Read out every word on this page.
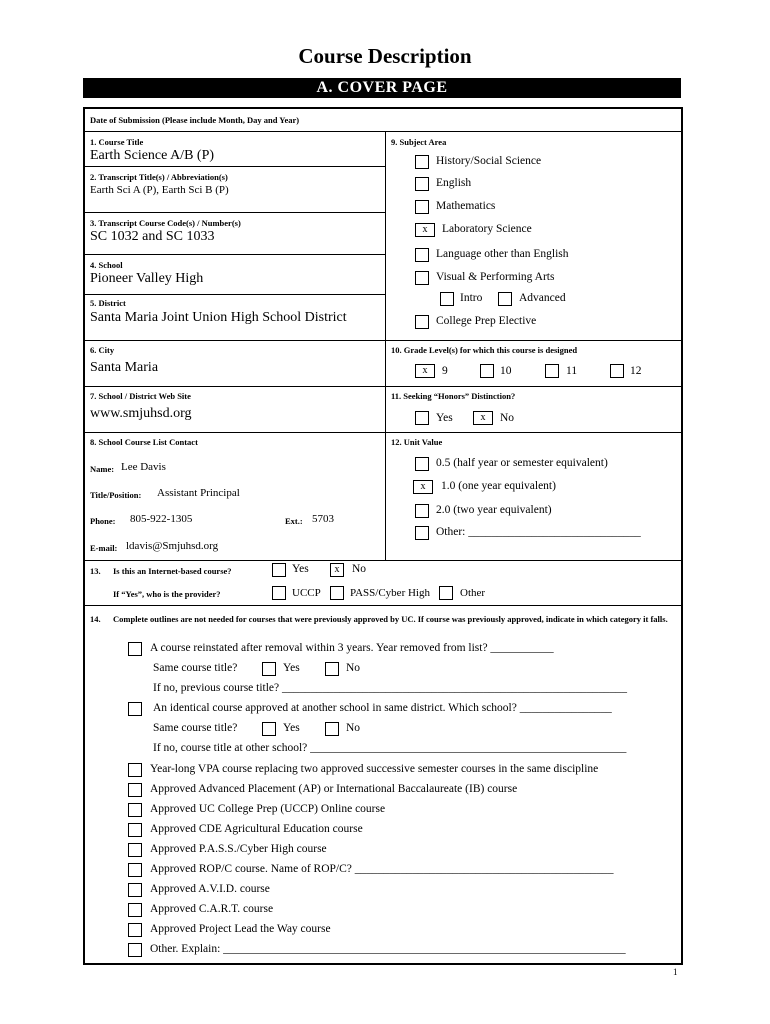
Course Description
A. COVER PAGE
Date of Submission (Please include Month, Day and Year)
1. Course Title
Earth Science A/B (P)
2. Transcript Title(s) / Abbreviation(s)
Earth Sci A (P), Earth Sci B (P)
3. Transcript Course Code(s) / Number(s)
SC 1032 and SC 1033
4. School
Pioneer Valley High
5. District
Santa Maria Joint Union High School District
6. City
Santa Maria
7. School / District Web Site
www.smjuhsd.org
8. School Course List Contact
Name: Lee Davis
Title/Position: Assistant Principal
Phone: 805-922-1305	Ext.: 5703
E-mail: ldavis@Smjuhsd.org
9. Subject Area
History/Social Science
English
Mathematics
x	Laboratory Science
Language other than English
Visual & Performing Arts
Intro	Advanced
College Prep Elective
10. Grade Level(s) for which this course is designed
x	9	10	11	12
11. Seeking “Honors” Distinction?
Yes	x	No
12. Unit Value
0.5 (half year or semester equivalent)
x	1.0 (one year equivalent)
2.0 (two year equivalent)
Other: ______________________________
13. Is this an Internet-based course?	Yes	x	No
If “Yes”, who is the provider?	UCCP	PASS/Cyber High	Other
14. Complete outlines are not needed for courses that were previously approved by UC. If course was previously approved, indicate in which category it falls.
A course reinstated after removal within 3 years. Year removed from list? ___________
Same course title?	Yes	No
If no, previous course title? ____________________________________________________________
An identical course approved at another school in same district. Which school? ________________
Same course title?	Yes	No
If no, course title at other school? _______________________________________________________
Year-long VPA course replacing two approved successive semester courses in the same discipline
Approved Advanced Placement (AP) or International Baccalaureate (IB) course
Approved UC College Prep (UCCP) Online course
Approved CDE Agricultural Education course
Approved P.A.S.S./Cyber High course
Approved ROP/C course. Name of ROP/C? _____________________________________________
Approved A.V.I.D. course
Approved C.A.R.T. course
Approved Project Lead the Way course
Other. Explain: ______________________________________________________________________
1
